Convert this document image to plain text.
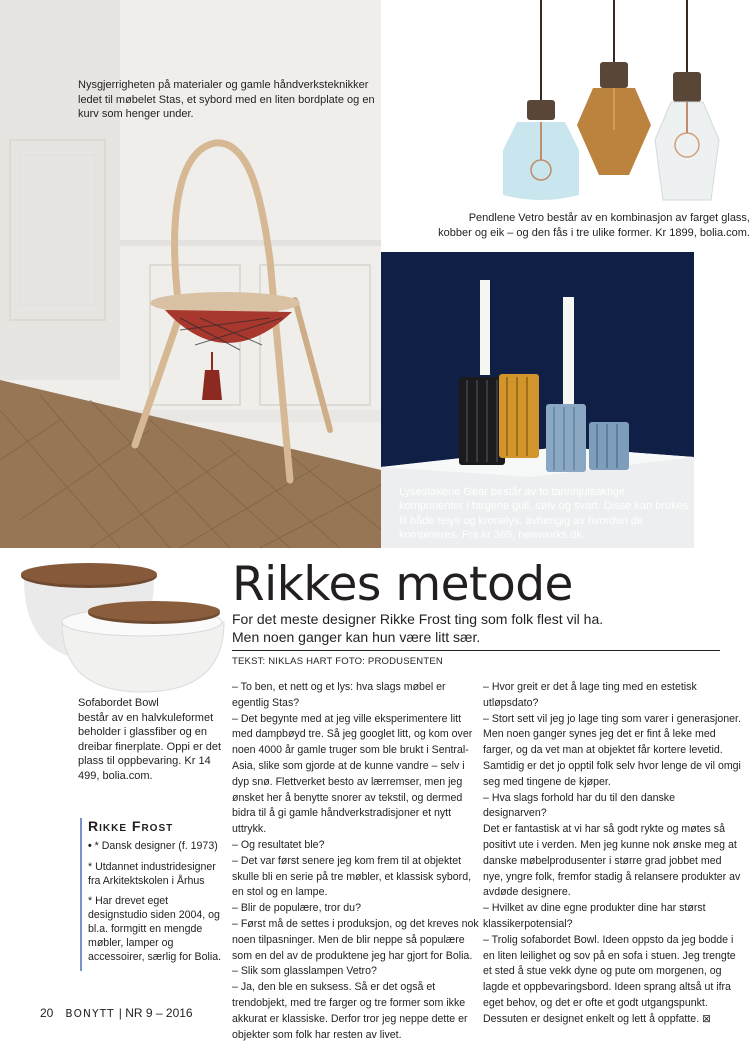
Nysgjerrigheten på materialer og gamle håndverksteknikker ledet til møbelet Stas, et sybord med en liten bordplate og en kurv som henger under.
Pendlene Vetro består av en kombinasjon av farget glass,
kobber og eik – og den fås i tre ulike former. Kr 1899, bolia.com.
Lysestakene Gear består av to tannhjulsaktige komponenter i fargene gull, sølv og svart. Disse kan brukes til både telys og kronelys, avhengig av hvordan de kombineres. Fra kr 365, newworks.dk.
Sofabordet Bowl
består av en halvkuleformet beholder i glassfiber og en dreibar finerplate. Oppi er det plass til oppbevaring. Kr 14 499, bolia.com.
Rikkes metode
For det meste designer Rikke Frost ting som folk flest vil ha.
Men noen ganger kan hun være litt sær.
TEKST: NIKLAS HART FOTO: PRODUSENTEN

– To ben, et nett og et lys: hva slags møbel er egentlig Stas?

– Det begynte med at jeg ville eksperimentere litt med dampbøyd tre. Så jeg googlet litt, og kom over noen 4000 år gamle truger som ble brukt i Sentral-Asia, slike som gjorde at de kunne vandre – selv i dyp snø. Flettverket besto av lærremser, men jeg ønsket her å benytte snorer av tekstil, og dermed bidra til å gi gamle håndverkstradisjoner et nytt uttrykk.

– Og resultatet ble?

– Det var først senere jeg kom frem til at objektet skulle bli en serie på tre møbler, et klassisk sybord, en stol og en lampe.

– Blir de populære, tror du?

– Først må de settes i produksjon, og det kreves nok noen tilpasninger. Men de blir neppe så populære som en del av de produktene jeg har gjort for Bolia.

– Slik som glasslampen Vetro?

– Ja, den ble en suksess. Så er det også et trendobjekt, med tre farger og tre former som ikke akkurat er klassiske. Derfor tror jeg neppe dette er objekter som folk har resten av livet.

– Hvor greit er det å lage ting med en estetisk utløpsdato?

– Stort sett vil jeg jo lage ting som varer i generasjoner. Men noen ganger synes jeg det er fint å leke med farger, og da vet man at objektet får kortere levetid. Samtidig er det jo opptil folk selv hvor lenge de vil omgi seg med tingene de kjøper.

– Hva slags forhold har du til den danske designarven?

Det er fantastisk at vi har så godt rykte og møtes så positivt ute i verden. Men jeg kunne nok ønske meg at danske møbelprodusenter i større grad jobbet med nye, yngre folk, fremfor stadig å relansere produkter av avdøde designere.

– Hvilket av dine egne produkter dine har størst klassikerpotensial?

– Trolig sofabordet Bowl. Ideen oppsto da jeg bodde i en liten leilighet og sov på en sofa i stuen. Jeg trengte et sted å stue vekk dyne og pute om morgenen, og lagde et oppbevaringsbord. Ideen sprang altså ut ifra eget behov, og det er ofte et godt utgangspunkt. Dessuten er designet enkelt og lett å oppfatte. ⊠

Rikke Frost
• * Dansk designer (f. 1973)
* Utdannet industridesigner fra Arkitektskolen i Århus
* Har drevet eget designstudio siden 2004, og bl.a. formgitt en mengde møbler, lamper og accessoirer, særlig for Bolia.
20 BONYTT | NR 9 – 2016
